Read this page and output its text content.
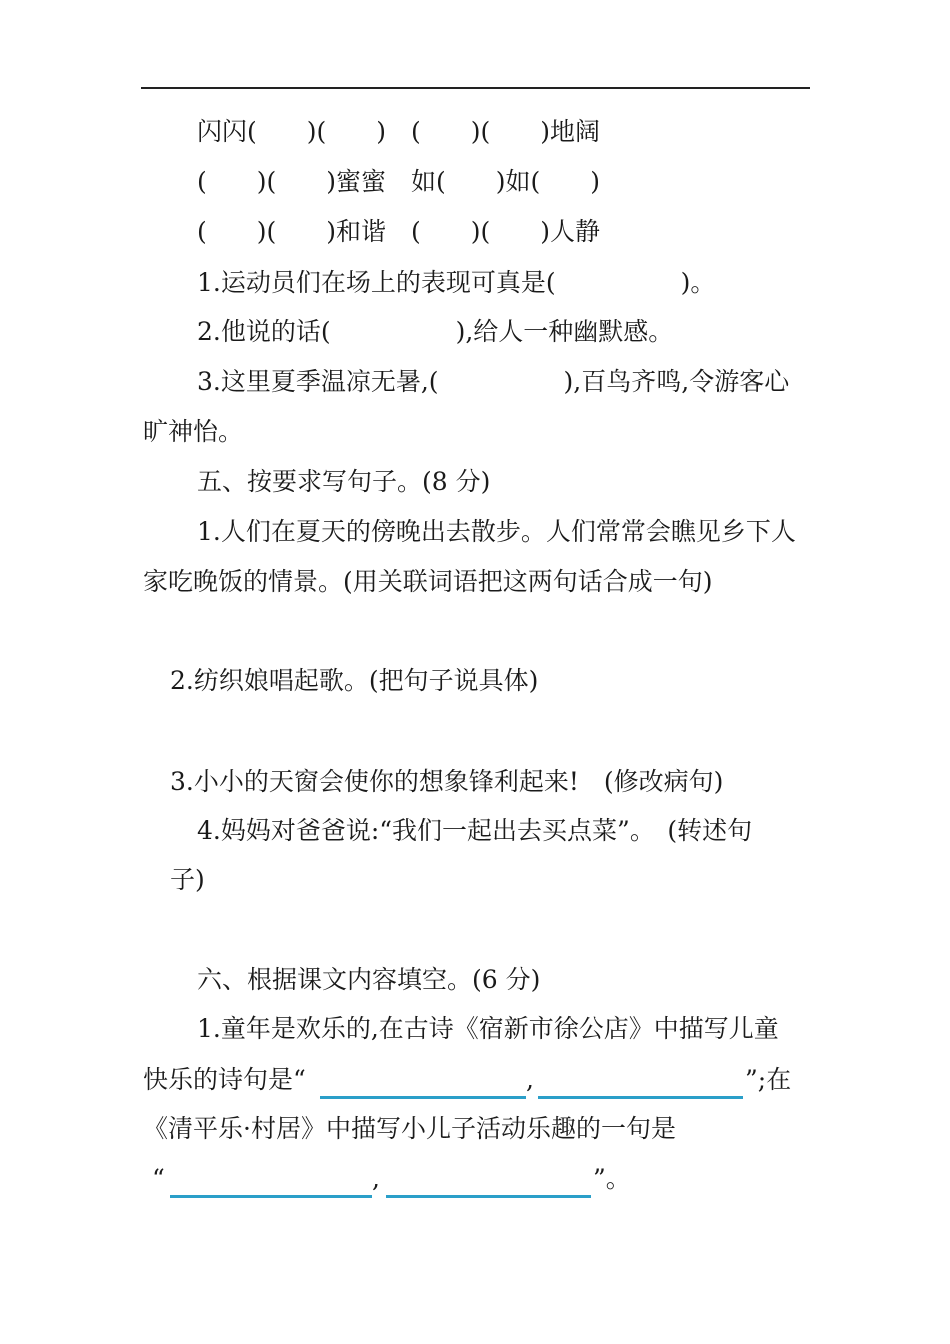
闪闪(　　)(　　)　(　　)(　　)地阔
(　　)(　　)蜜蜜　如(　　)如(　　)
(　　)(　　)和谐　(　　)(　　)人静
1.运动员们在场上的表现可真是(　　　　　)。
2.他说的话(　　　　　),给人一种幽默感。
3.这里夏季温凉无暑,(　　　　　),百鸟齐鸣,令游客心
旷神怡。
五、按要求写句子。(8 分)
1.人们在夏天的傍晚出去散步。人们常常会瞧见乡下人
家吃晚饭的情景。(用关联词语把这两句话合成一句)
2.纺织娘唱起歌。(把句子说具体)
3.小小的天窗会使你的想象锋利起来!　(修改病句)
4.妈妈对爸爸说:“我们一起出去买点菜”。　(转述句
子)
六、根据课文内容填空。(6 分)
1.童年是欢乐的,在古诗《宿新市徐公店》中描写儿童
快乐的诗句是“	,	”;在
《清平乐·村居》中描写小儿子活动乐趣的一句是
“	,	”。
